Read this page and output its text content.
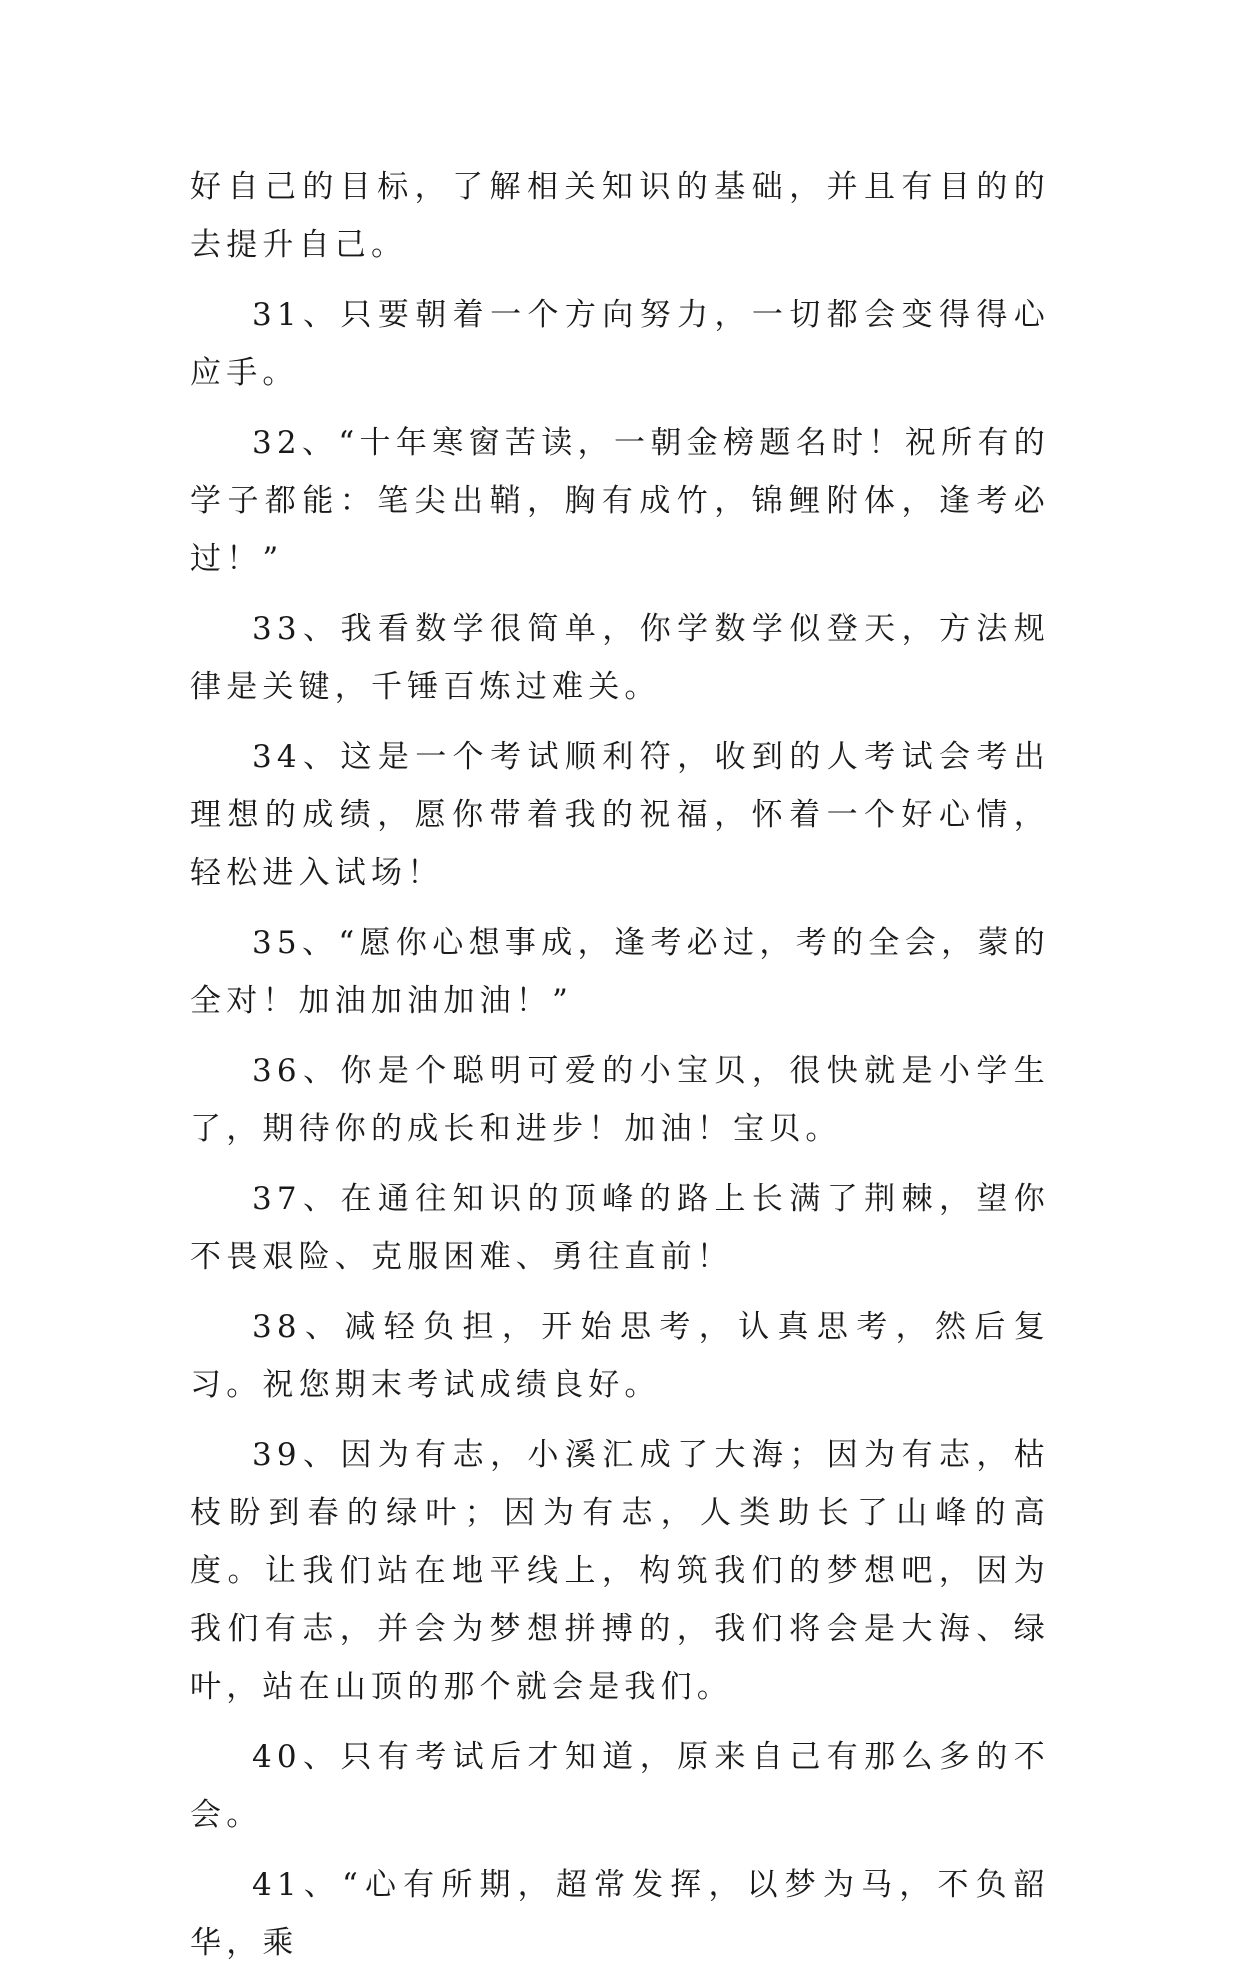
好自己的目标，了解相关知识的基础，并且有目的的去提升自己。

31、只要朝着一个方向努力，一切都会变得得心应手。

32、“十年寒窗苦读，一朝金榜题名时！祝所有的学子都能：笔尖出鞘，胸有成竹，锦鲤附体，逢考必过！”

33、我看数学很简单，你学数学似登天，方法规律是关键，千锤百炼过难关。

34、这是一个考试顺利符，收到的人考试会考出理想的成绩，愿你带着我的祝福，怀着一个好心情，轻松进入试场！

35、“愿你心想事成，逢考必过，考的全会，蒙的全对！加油加油加油！”

36、你是个聪明可爱的小宝贝，很快就是小学生了，期待你的成长和进步！加油！宝贝。

37、在通往知识的顶峰的路上长满了荆棘，望你不畏艰险、克服困难、勇往直前！

38、减轻负担，开始思考，认真思考，然后复习。祝您期末考试成绩良好。

39、因为有志，小溪汇成了大海；因为有志，枯枝盼到春的绿叶；因为有志，人类助长了山峰的高度。让我们站在地平线上，构筑我们的梦想吧，因为我们有志，并会为梦想拼搏的，我们将会是大海、绿叶，站在山顶的那个就会是我们。

40、只有考试后才知道，原来自己有那么多的不会。

41、“心有所期，超常发挥，以梦为马，不负韶华，乘
